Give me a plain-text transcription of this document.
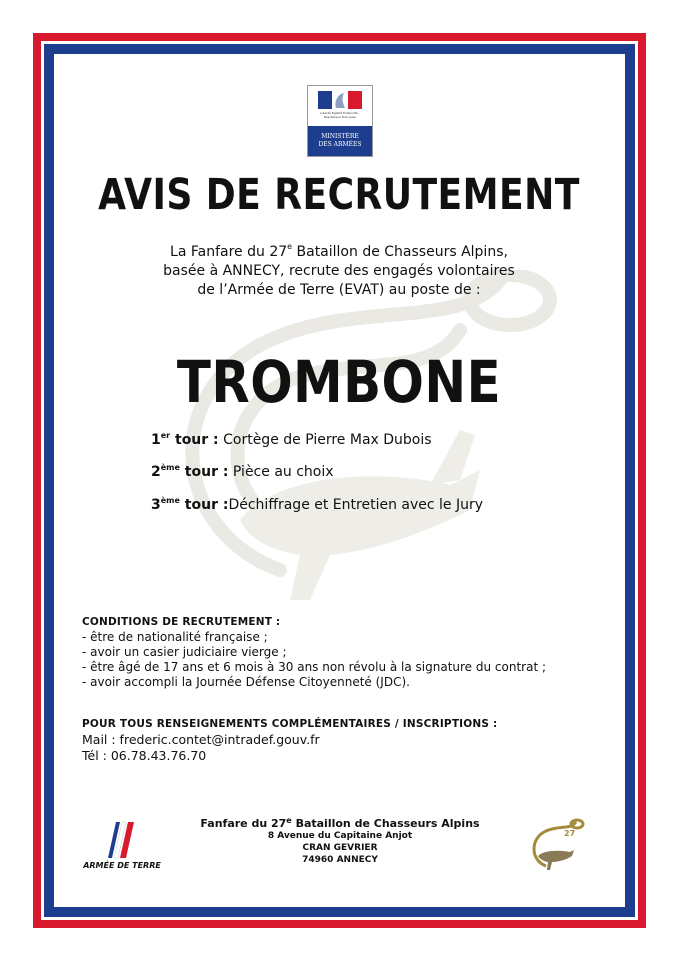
Liberté Égalité Fraternité · République Française
MINISTÈRE
DES ARMÉES
AVIS DE RECRUTEMENT
La Fanfare du 27e Bataillon de Chasseurs Alpins,
basée à ANNECY, recrute des engagés volontaires
de l’Armée de Terre (EVAT) au poste de :
TROMBONE
1er tour : Cortège de Pierre Max Dubois
2ème tour : Pièce au choix
3ème tour :Déchiffrage et Entretien avec le Jury
CONDITIONS DE RECRUTEMENT :
- être de nationalité française ;
- avoir un casier judiciaire vierge ;
- être âgé de 17 ans et 6 mois à 30 ans non révolu à la signature du contrat ;
- avoir accompli la Journée Défense Citoyenneté (JDC).
POUR TOUS RENSEIGNEMENTS COMPLÉMENTAIRES / INSCRIPTIONS :
Mail : frederic.contet@intradef.gouv.fr
Tél : 06.78.43.76.70
ARMÉE DE TERRE
Fanfare du 27e Bataillon de Chasseurs Alpins
8 Avenue du Capitaine Anjot
CRAN GEVRIER
74960 ANNECY
27
